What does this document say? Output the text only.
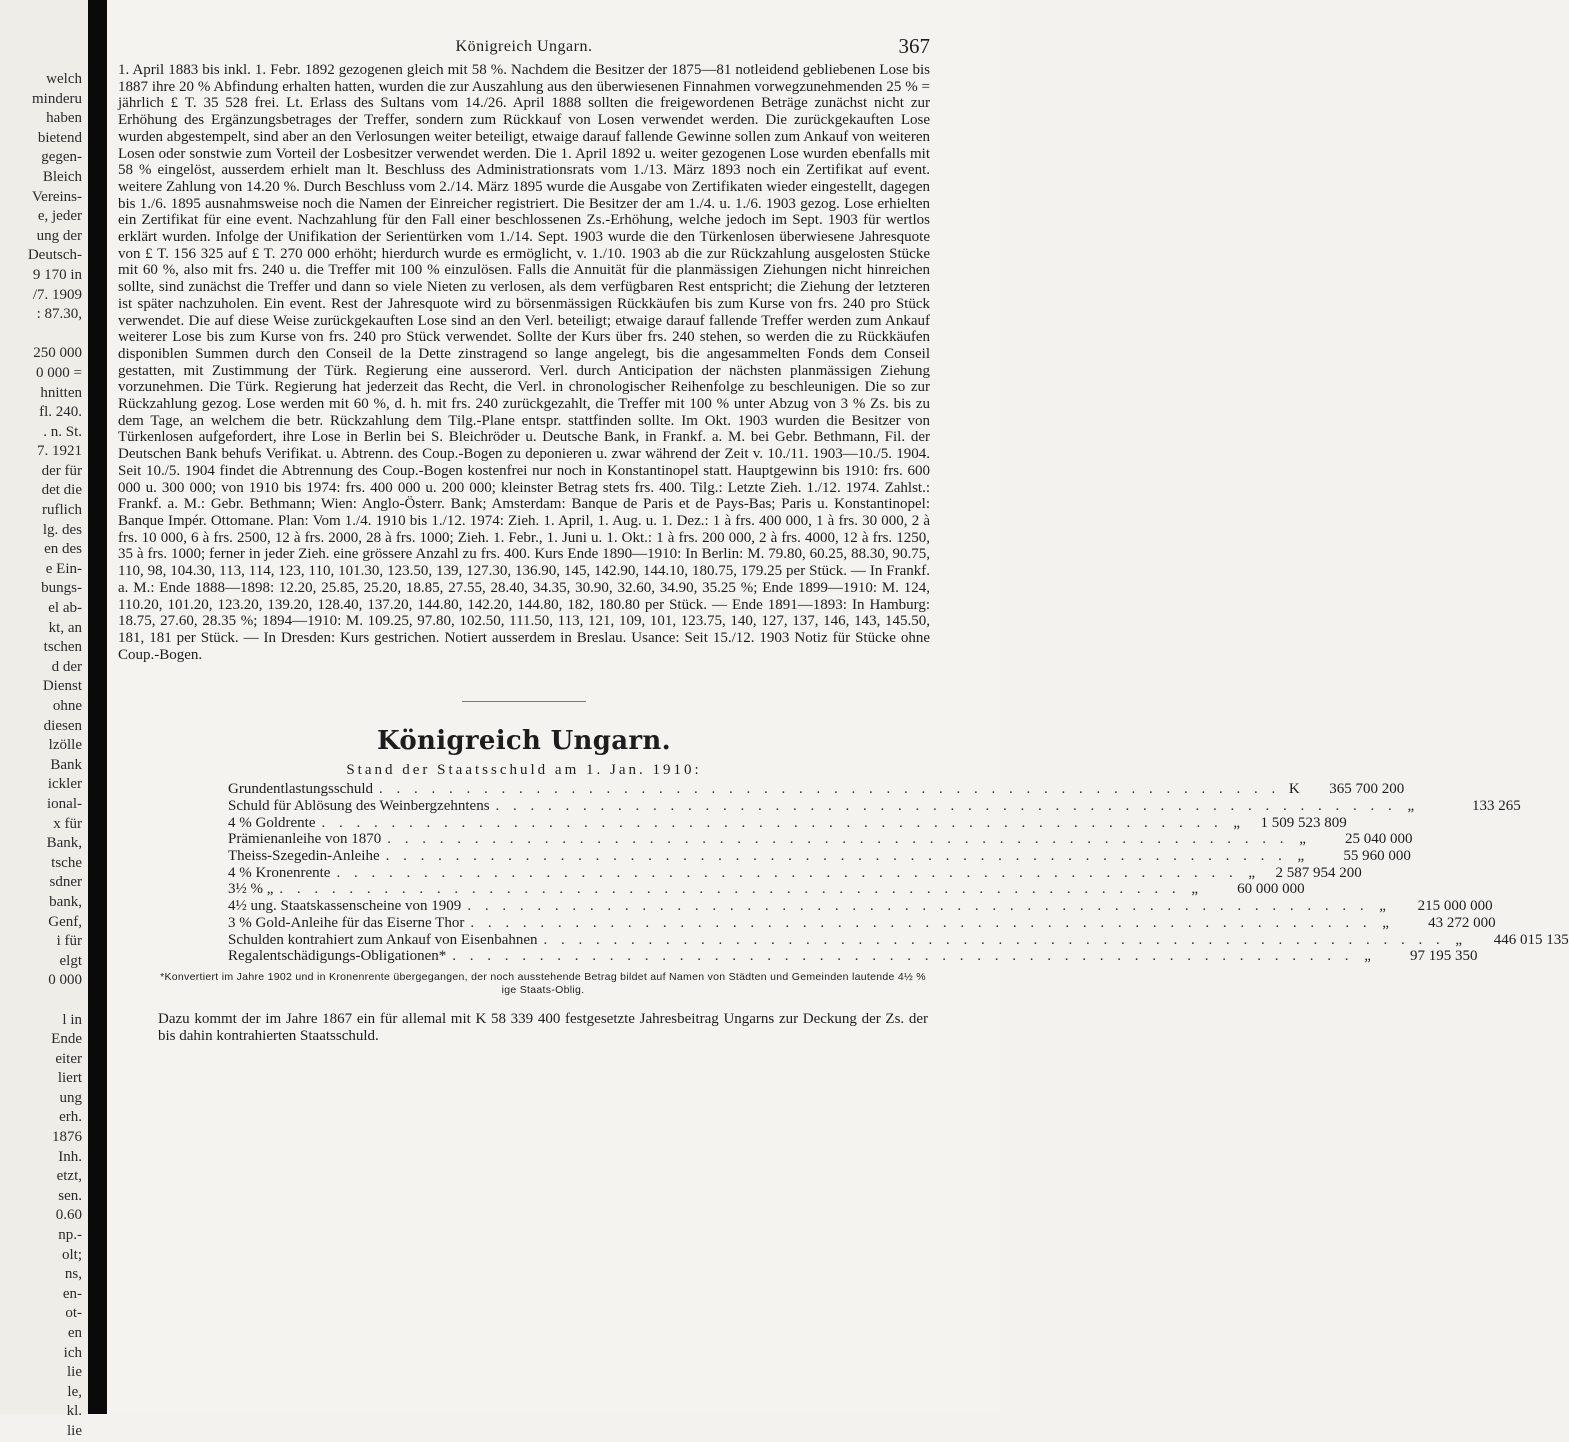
welch
minderu
haben
bietend
gegen-
Bleich
Vereins-
e, jeder
ung der
Deutsch-
9 170 in
/7. 1909
: 87.30,

250 000
0 000 =
hnitten
fl. 240.
. n. St.
7. 1921
der für
det die
ruflich
lg. des
en des
e Ein-
bungs-
el ab-
kt, an
tschen
d der
Dienst
ohne
diesen
lzölle
Bank
ickler
ional-
x für
Bank,
tsche
sdner
bank,
Genf,
i für
elgt
0 000

l in
Ende
eiter
liert
ung
erh.
1876
Inh.
etzt,
sen.
0.60
np.-
olt;
ns,
en-
ot-
en
ich
lie
le,
kl.
lie
Königreich Ungarn.	367

1. April 1883 bis inkl. 1. Febr. 1892 gezogenen gleich mit 58 %. Nachdem die Besitzer der 1875—81 notleidend gebliebenen Lose bis 1887 ihre 20 % Abfindung erhalten hatten, wurden die zur Auszahlung aus den überwiesenen Finnahmen vorwegzunehmenden 25 % = jährlich £ T. 35 528 frei. Lt. Erlass des Sultans vom 14./26. April 1888 sollten die freigewordenen Beträge zunächst nicht zur Erhöhung des Ergänzungsbetrages der Treffer, sondern zum Rückkauf von Losen verwendet werden. Die zurückgekauften Lose wurden abgestempelt, sind aber an den Verlosungen weiter beteiligt, etwaige darauf fallende Gewinne sollen zum Ankauf von weiteren Losen oder sonstwie zum Vorteil der Losbesitzer verwendet werden. Die 1. April 1892 u. weiter gezogenen Lose wurden ebenfalls mit 58 % eingelöst, ausserdem erhielt man lt. Beschluss des Administrationsrats vom 1./13. März 1893 noch ein Zertifikat auf event. weitere Zahlung von 14.20 %. Durch Beschluss vom 2./14. März 1895 wurde die Ausgabe von Zertifikaten wieder eingestellt, dagegen bis 1./6. 1895 ausnahmsweise noch die Namen der Einreicher registriert. Die Besitzer der am 1./4. u. 1./6. 1903 gezog. Lose erhielten ein Zertifikat für eine event. Nachzahlung für den Fall einer beschlossenen Zs.-Erhöhung, welche jedoch im Sept. 1903 für wertlos erklärt wurden. Infolge der Unifikation der Serientürken vom 1./14. Sept. 1903 wurde die den Türkenlosen überwiesene Jahresquote von £ T. 156 325 auf £ T. 270 000 erhöht; hierdurch wurde es ermöglicht, v. 1./10. 1903 ab die zur Rückzahlung ausgelosten Stücke mit 60 %, also mit frs. 240 u. die Treffer mit 100 % einzulösen. Falls die Annuität für die planmässigen Ziehungen nicht hinreichen sollte, sind zunächst die Treffer und dann so viele Nieten zu verlosen, als dem verfügbaren Rest entspricht; die Ziehung der letzteren ist später nachzuholen. Ein event. Rest der Jahresquote wird zu börsenmässigen Rückkäufen bis zum Kurse von frs. 240 pro Stück verwendet. Die auf diese Weise zurückgekauften Lose sind an den Verl. beteiligt; etwaige darauf fallende Treffer werden zum Ankauf weiterer Lose bis zum Kurse von frs. 240 pro Stück verwendet. Sollte der Kurs über frs. 240 stehen, so werden die zu Rückkäufen disponiblen Summen durch den Conseil de la Dette zinstragend so lange angelegt, bis die angesammelten Fonds dem Conseil gestatten, mit Zustimmung der Türk. Regierung eine ausserord. Verl. durch Anticipation der nächsten planmässigen Ziehung vorzunehmen. Die Türk. Regierung hat jederzeit das Recht, die Verl. in chronologischer Reihenfolge zu beschleunigen. Die so zur Rückzahlung gezog. Lose werden mit 60 %, d. h. mit frs. 240 zurückgezahlt, die Treffer mit 100 % unter Abzug von 3 % Zs. bis zu dem Tage, an welchem die betr. Rückzahlung dem Tilg.-Plane entspr. stattfinden sollte. Im Okt. 1903 wurden die Besitzer von Türkenlosen aufgefordert, ihre Lose in Berlin bei S. Bleichröder u. Deutsche Bank, in Frankf. a. M. bei Gebr. Bethmann, Fil. der Deutschen Bank behufs Verifikat. u. Abtrenn. des Coup.-Bogen zu deponieren u. zwar während der Zeit v. 10./11. 1903—10./5. 1904. Seit 10./5. 1904 findet die Abtrennung des Coup.-Bogen kostenfrei nur noch in Konstantinopel statt. Hauptgewinn bis 1910: frs. 600 000 u. 300 000; von 1910 bis 1974: frs. 400 000 u. 200 000; kleinster Betrag stets frs. 400. Tilg.: Letzte Zieh. 1./12. 1974. Zahlst.: Frankf. a. M.: Gebr. Bethmann; Wien: Anglo-Österr. Bank; Amsterdam: Banque de Paris et de Pays-Bas; Paris u. Konstantinopel: Banque Impér. Ottomane. Plan: Vom 1./4. 1910 bis 1./12. 1974: Zieh. 1. April, 1. Aug. u. 1. Dez.: 1 à frs. 400 000, 1 à frs. 30 000, 2 à frs. 10 000, 6 à frs. 2500, 12 à frs. 2000, 28 à frs. 1000; Zieh. 1. Febr., 1. Juni u. 1. Okt.: 1 à frs. 200 000, 2 à frs. 4000, 12 à frs. 1250, 35 à frs. 1000; ferner in jeder Zieh. eine grössere Anzahl zu frs. 400. Kurs Ende 1890—1910: In Berlin: M. 79.80, 60.25, 88.30, 90.75, 110, 98, 104.30, 113, 114, 123, 110, 101.30, 123.50, 139, 127.30, 136.90, 145, 142.90, 144.10, 180.75, 179.25 per Stück. — In Frankf. a. M.: Ende 1888—1898: 12.20, 25.85, 25.20, 18.85, 27.55, 28.40, 34.35, 30.90, 32.60, 34.90, 35.25 %; Ende 1899—1910: M. 124, 110.20, 101.20, 123.20, 139.20, 128.40, 137.20, 144.80, 142.20, 144.80, 182, 180.80 per Stück. — Ende 1891—1893: In Hamburg: 18.75, 27.60, 28.35 %; 1894—1910: M. 109.25, 97.80, 102.50, 111.50, 113, 121, 109, 101, 123.75, 140, 127, 137, 146, 143, 145.50, 181, 181 per Stück. — In Dresden: Kurs gestrichen. Notiert ausserdem in Breslau. Usance: Seit 15./12. 1903 Notiz für Stücke ohne Coup.-Bogen.

Königreich Ungarn.
Stand der Staatsschuld am 1. Jan. 1910:
Grundentlastungsschuld . . .	K	365 700 200
Schuld für Ablösung des Weinbergzehntens . . .	„	133 265
4 % Goldrente . . .	„	1 509 523 809
Prämienanleihe von 1870 . . .	„	25 040 000
Theiss-Szegedin-Anleihe . . .	„	55 960 000
4 % Kronenrente . . .	„	2 587 954 200
3½ % „ . . .	„	60 000 000
4½ ung. Staatskassenscheine von 1909 . . .	„	215 000 000
3 % Gold-Anleihe für das Eiserne Thor . . .	„	43 272 000
Schulden kontrahiert zum Ankauf von Eisenbahnen . . .	„	446 015 135
Regalentschädigungs-Obligationen* . . .	„	97 195 350
*Konvertiert im Jahre 1902 und in Kronenrente übergegangen, der noch ausstehende Betrag bildet auf Namen von Städten und Gemeinden lautende 4½ % ige Staats-Oblig.
Dazu kommt der im Jahre 1867 ein für allemal mit K 58 339 400 festgesetzte Jahresbeitrag Ungarns zur Deckung der Zs. der bis dahin kontrahierten Staatsschuld.
